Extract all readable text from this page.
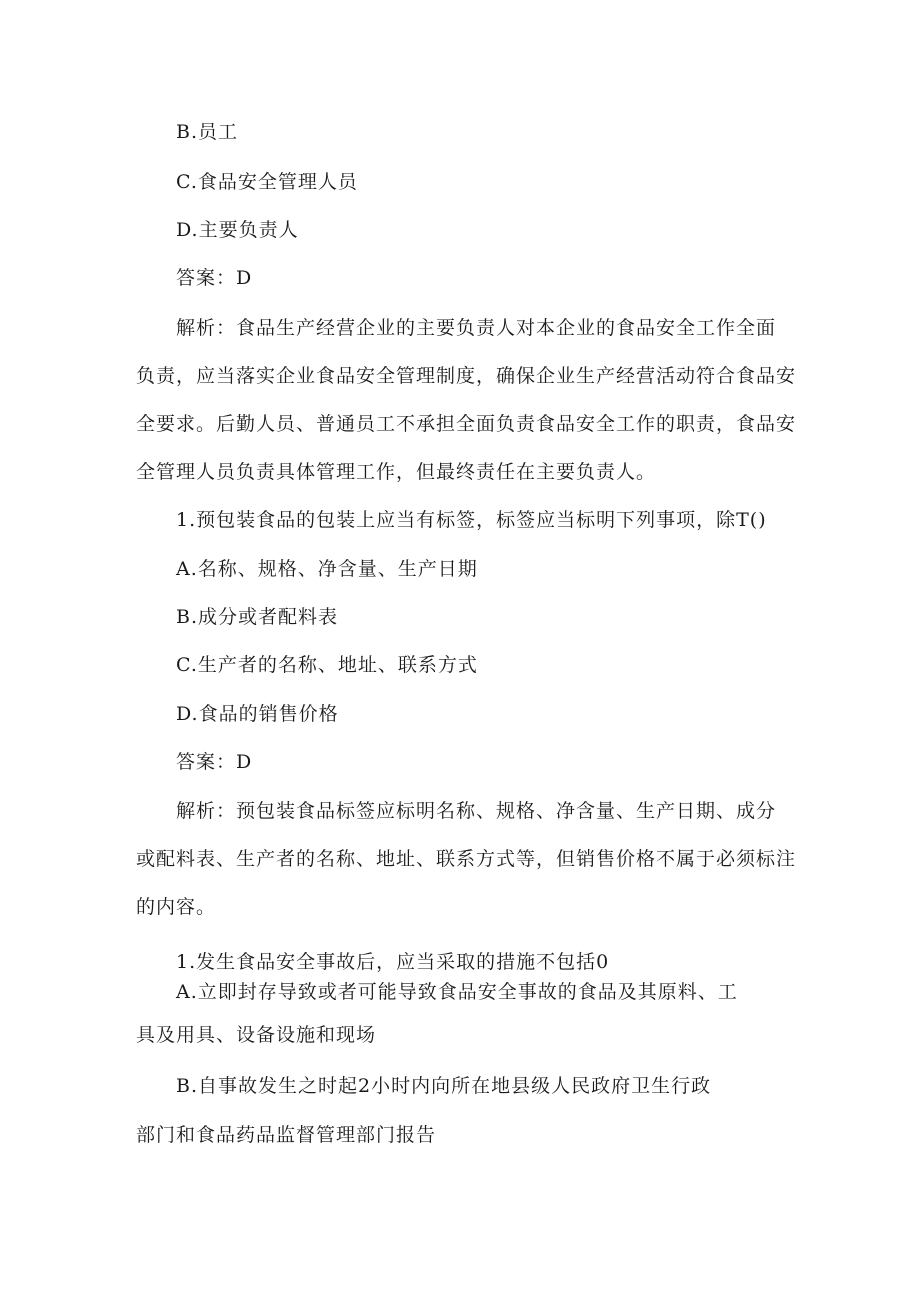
B.员工
C.食品安全管理人员
D.主要负责人
答案：D
解析：食品生产经营企业的主要负责人对本企业的食品安全工作全面
负责，应当落实企业食品安全管理制度，确保企业生产经营活动符合食品安
全要求。后勤人员、普通员工不承担全面负责食品安全工作的职责，食品安
全管理人员负责具体管理工作，但最终责任在主要负责人。
1.预包装食品的包装上应当有标签，标签应当标明下列事项，除T()
A.名称、规格、净含量、生产日期
B.成分或者配料表
C.生产者的名称、地址、联系方式
D.食品的销售价格
答案：D
解析：预包装食品标签应标明名称、规格、净含量、生产日期、成分
或配料表、生产者的名称、地址、联系方式等，但销售价格不属于必须标注
的内容。
1.发生食品安全事故后，应当采取的措施不包括0
A.立即封存导致或者可能导致食品安全事故的食品及其原料、工
具及用具、设备设施和现场
B.自事故发生之时起2小时内向所在地县级人民政府卫生行政
部门和食品药品监督管理部门报告
